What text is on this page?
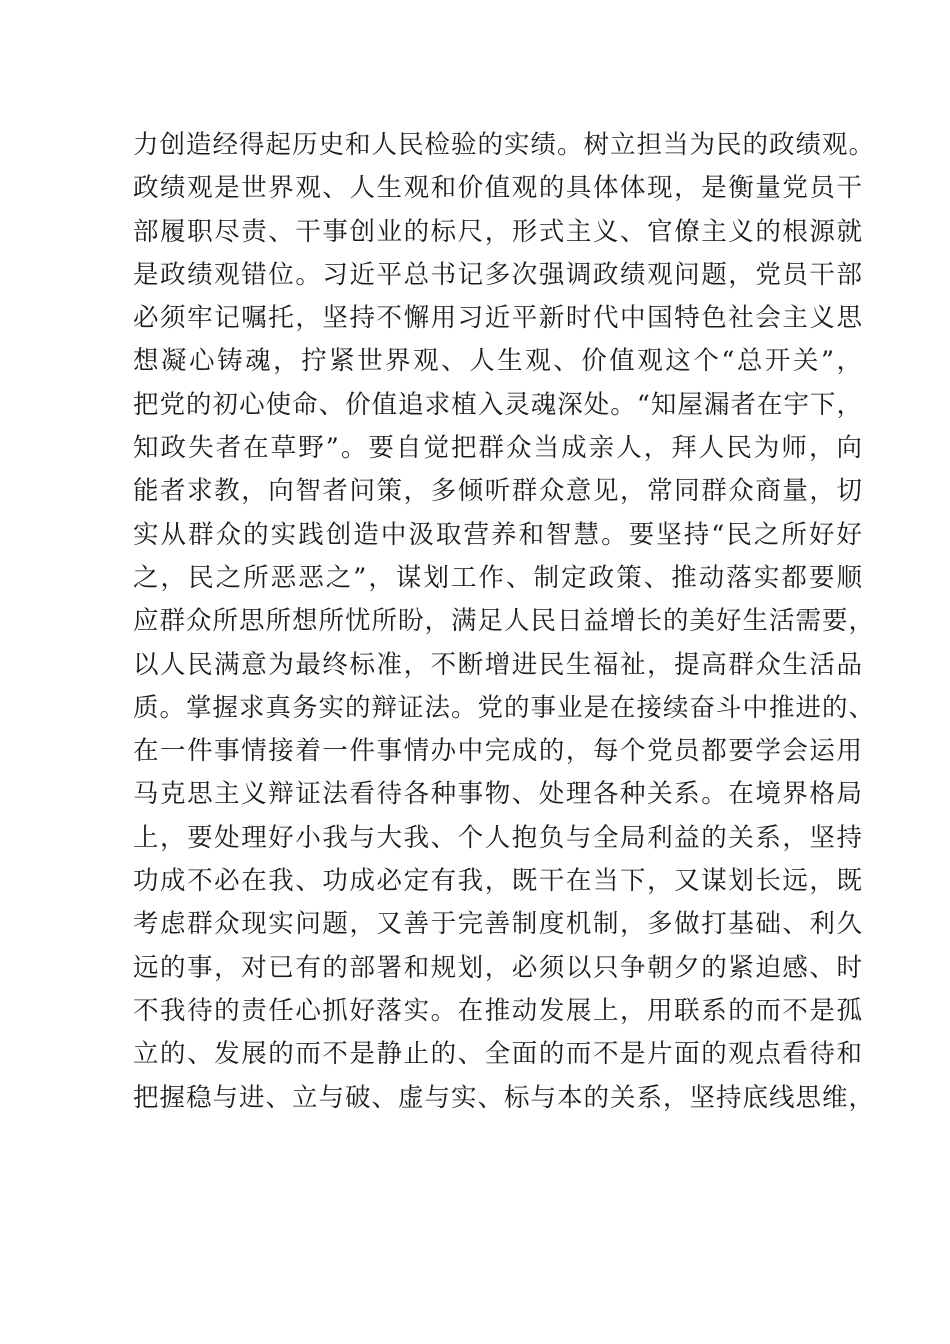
力创造经得起历史和人民检验的实绩。树立担当为民的政绩观。
政绩观是世界观、人生观和价值观的具体体现，是衡量党员干
部履职尽责、干事创业的标尺，形式主义、官僚主义的根源就
是政绩观错位。习近平总书记多次强调政绩观问题，党员干部
必须牢记嘱托，坚持不懈用习近平新时代中国特色社会主义思
想凝心铸魂，拧紧世界观、人生观、价值观这个“总开关”，
把党的初心使命、价值追求植入灵魂深处。“知屋漏者在宇下，
知政失者在草野”。要自觉把群众当成亲人，拜人民为师，向
能者求教，向智者问策，多倾听群众意见，常同群众商量，切
实从群众的实践创造中汲取营养和智慧。要坚持“民之所好好
之，民之所恶恶之”，谋划工作、制定政策、推动落实都要顺
应群众所思所想所忧所盼，满足人民日益增长的美好生活需要，
以人民满意为最终标准，不断增进民生福祉，提高群众生活品
质。掌握求真务实的辩证法。党的事业是在接续奋斗中推进的、
在一件事情接着一件事情办中完成的，每个党员都要学会运用
马克思主义辩证法看待各种事物、处理各种关系。在境界格局
上，要处理好小我与大我、个人抱负与全局利益的关系，坚持
功成不必在我、功成必定有我，既干在当下，又谋划长远，既
考虑群众现实问题，又善于完善制度机制，多做打基础、利久
远的事，对已有的部署和规划，必须以只争朝夕的紧迫感、时
不我待的责任心抓好落实。在推动发展上，用联系的而不是孤
立的、发展的而不是静止的、全面的而不是片面的观点看待和
把握稳与进、立与破、虚与实、标与本的关系，坚持底线思维，
